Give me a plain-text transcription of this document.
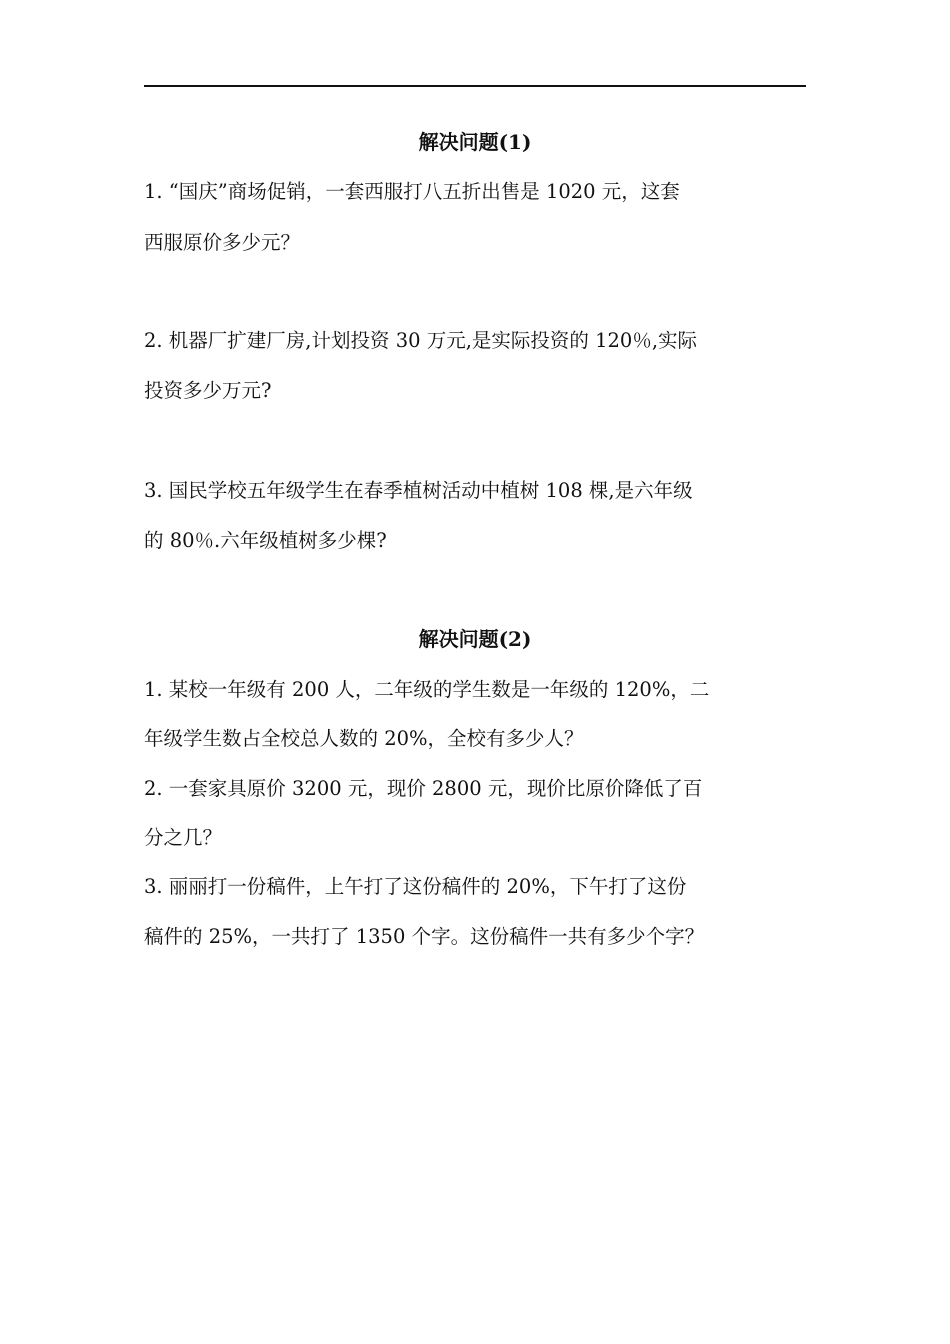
解决问题(1)
1. “国庆”商场促销，一套西服打八五折出售是 1020 元，这套
西服原价多少元？
2. 机器厂扩建厂房,计划投资 30 万元,是实际投资的 120％,实际
投资多少万元?
3. 国民学校五年级学生在春季植树活动中植树 108 棵,是六年级
的 80％.六年级植树多少棵?
解决问题(2)
1. 某校一年级有 200 人，二年级的学生数是一年级的 120%，二
年级学生数占全校总人数的 20%，全校有多少人？
2. 一套家具原价 3200 元，现价 2800 元，现价比原价降低了百
分之几？
3. 丽丽打一份稿件，上午打了这份稿件的 20%，下午打了这份
稿件的 25%，一共打了 1350 个字。这份稿件一共有多少个字？
